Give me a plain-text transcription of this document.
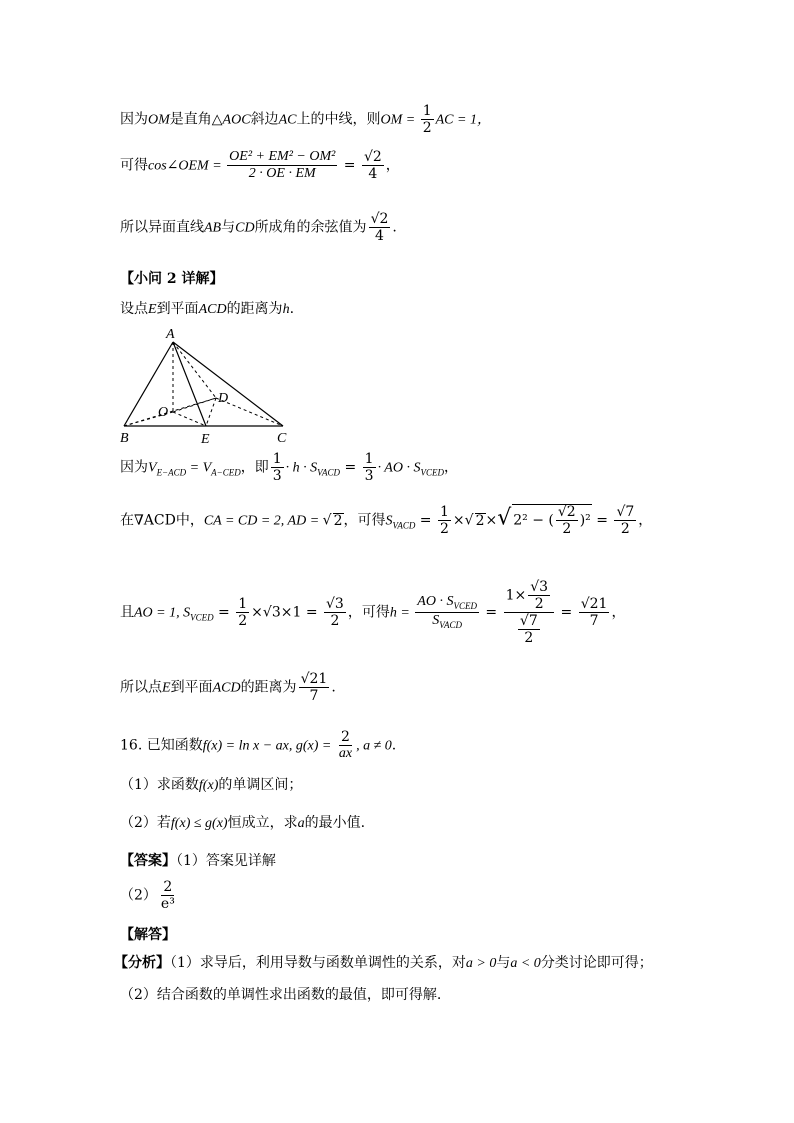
因为OM是直角△AOC斜边AC上的中线，则OM = $\frac{1}{2}$ AC = 1，
可得cos∠OEM = $\frac{\text{OE² + EM² − OM²}}{2 \cdot OE \cdot EM} = \frac{√2}{4}$ ，
所以异面直线AB与CD所成角的余弦值为 $\frac{√2}{4}$ .
【小问 2 详解】
设点E到平面ACD的距离为h.
A
B	C
D
E
O
因为$V_{E-ACD} = V_{A-CED}$，即 $\frac{1}{3} \cdot h \cdot S_{VACD} = \frac{1}{3}$ · AO · $S_{VCED}$，
在∇ACD中，CA = CD = 2, AD = √ 2，可得$S_{VACD} = \frac{1}{2}$ ×√ 2×√ 2² − ( $\frac{√2}{2} )^2 = \frac{√7}{2}$ ，
且AO = 1, $S_{VCED} = \frac{1}{2} \times√3\times 1 = \frac{√3}{2}$ ，可得$h = \frac{AO \cdot S_{VCED}}{S_{VACD}} = \frac{1\times \frac{√3}{2}}{\frac{√7}{2}} = \frac{√21}{7}$ ，
所以点E到平面ACD的距离为 $\frac{√21}{7}$ .
16. 已知函数f(x) = ln x − ax, $g(x) = \frac{2}{ax}$ , a ≠ 0.
（1）求函数f(x)的单调区间；
（2）若f(x) ≤ g(x)恒成立，求a的最小值.
【答案】（1）答案见详解
$(2) \frac{2}{\text{e³}}$
【解答】
【分析】（1）求导后，利用导数与函数单调性的关系，对a > 0与a < 0分类讨论即可得；
（2）结合函数的单调性求出函数的最值，即可得解.
